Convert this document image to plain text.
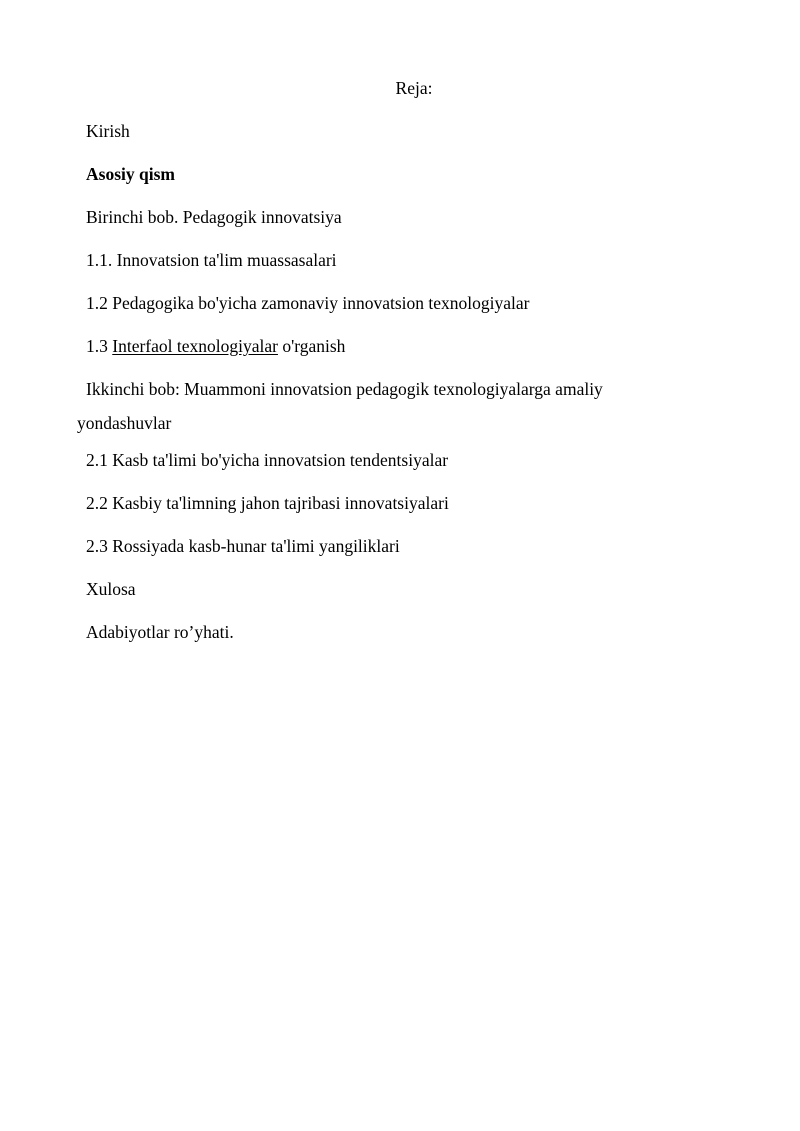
Reja:
Kirish
Asosiy qism
Birinchi bob. Pedagogik innovatsiya
1.1. Innovatsion ta'lim muassasalari
1.2 Pedagogika bo'yicha zamonaviy innovatsion texnologiyalar
1.3 Interfaol texnologiyalar o'rganish
Ikkinchi bob: Muammoni innovatsion pedagogik texnologiyalarga amaliy yondashuvlar
2.1 Kasb ta'limi bo'yicha innovatsion tendentsiyalar
2.2 Kasbiy ta'limning jahon tajribasi innovatsiyalari
2.3 Rossiyada kasb-hunar ta'limi yangiliklari
Xulosa
Adabiyotlar ro’yhati.
